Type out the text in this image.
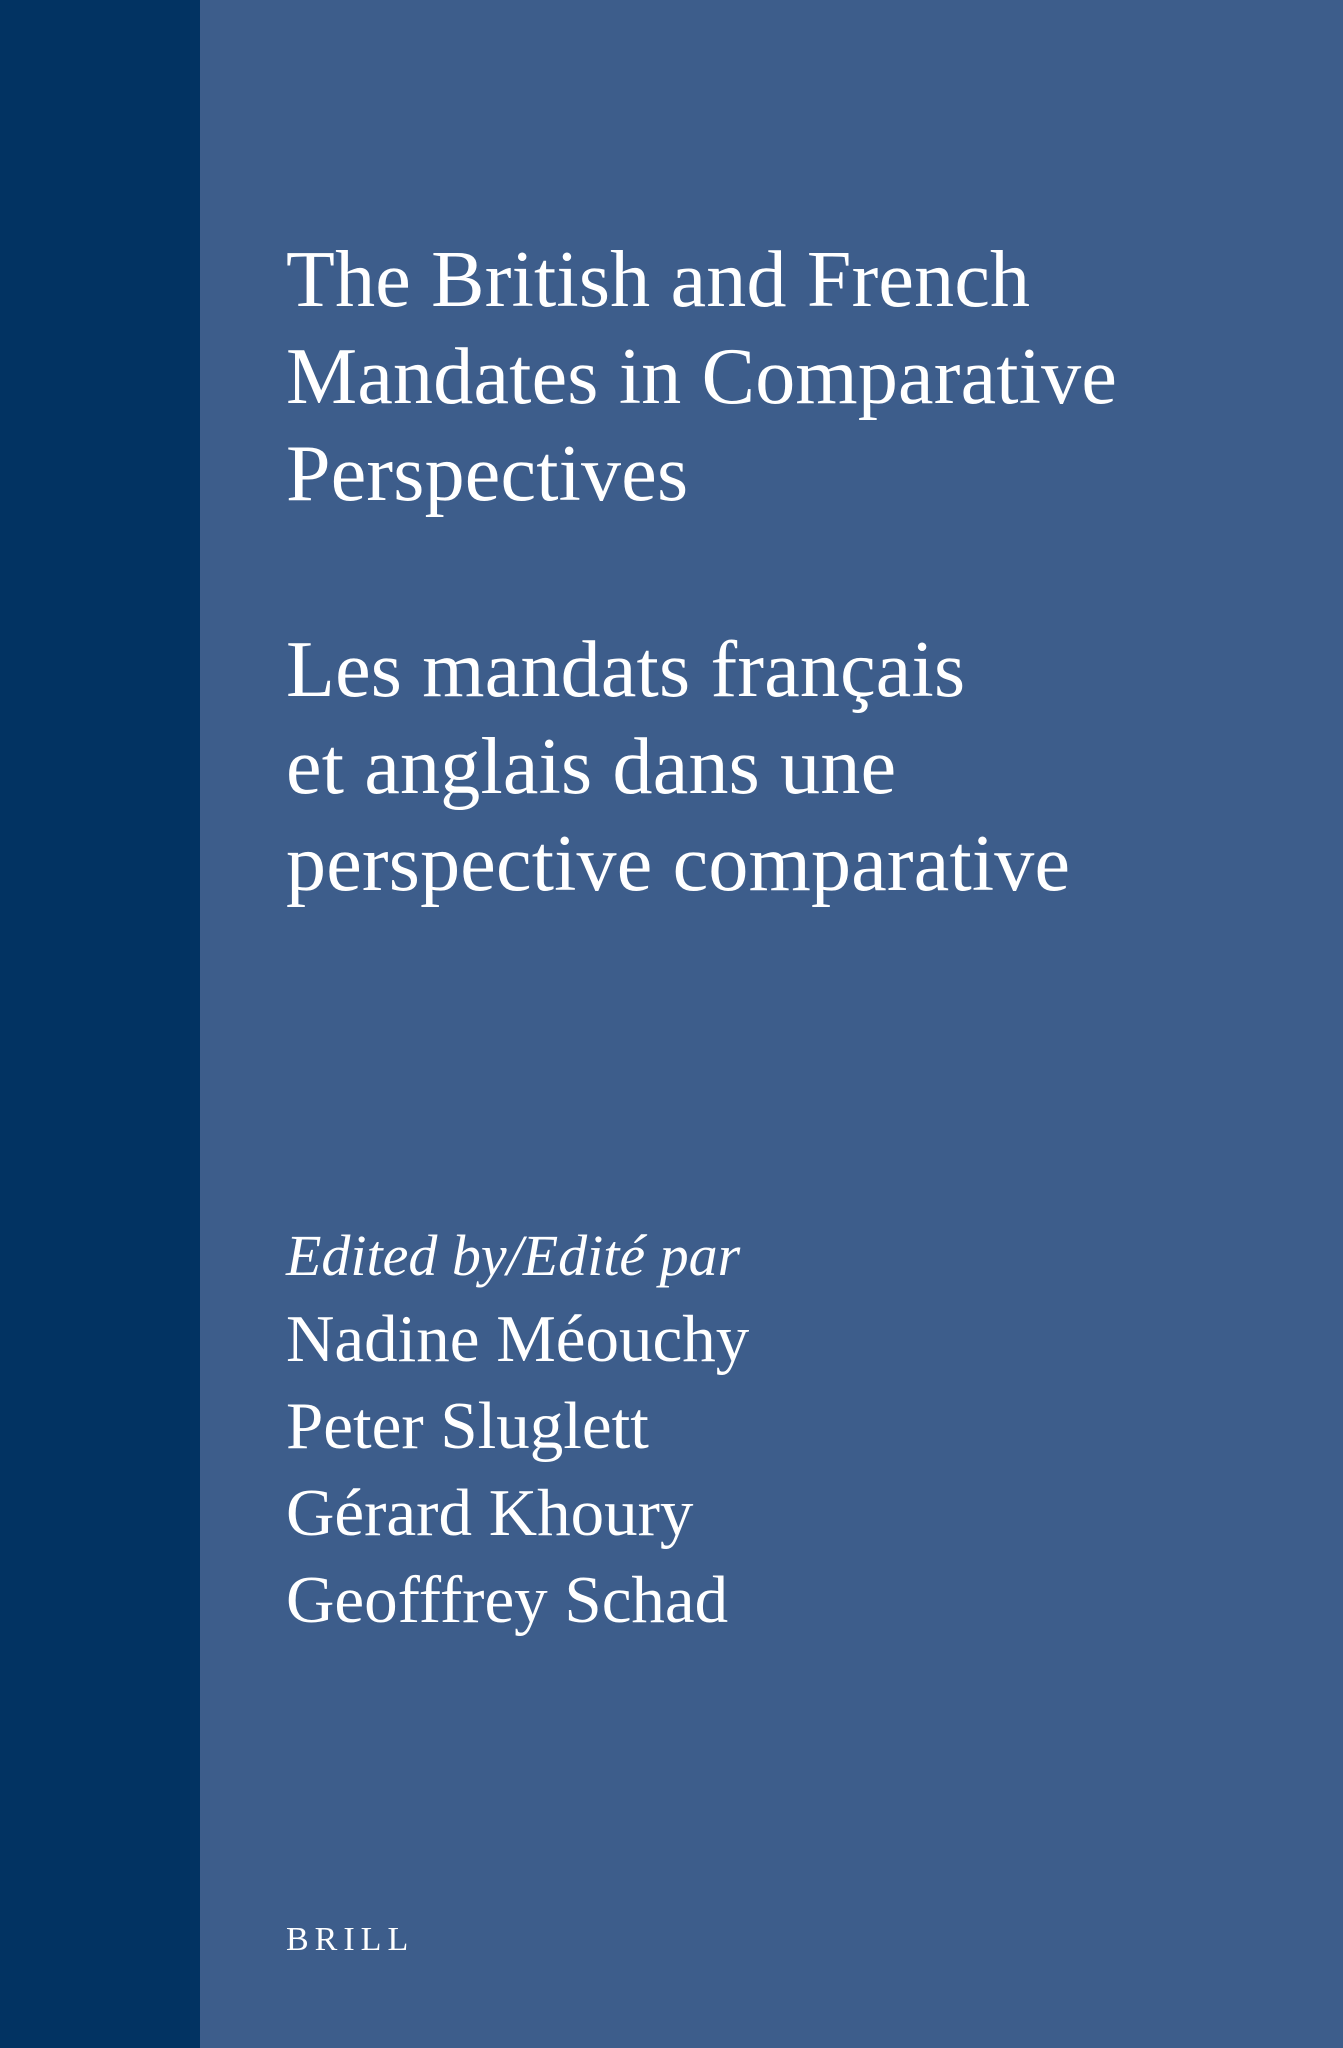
The British and French
Mandates in Comparative
Perspectives
Les mandats français
et anglais dans une
perspective comparative
Edited by/Edité par
Nadine Méouchy
Peter Sluglett
Gérard Khoury
Geofffrey Schad
BRILL
